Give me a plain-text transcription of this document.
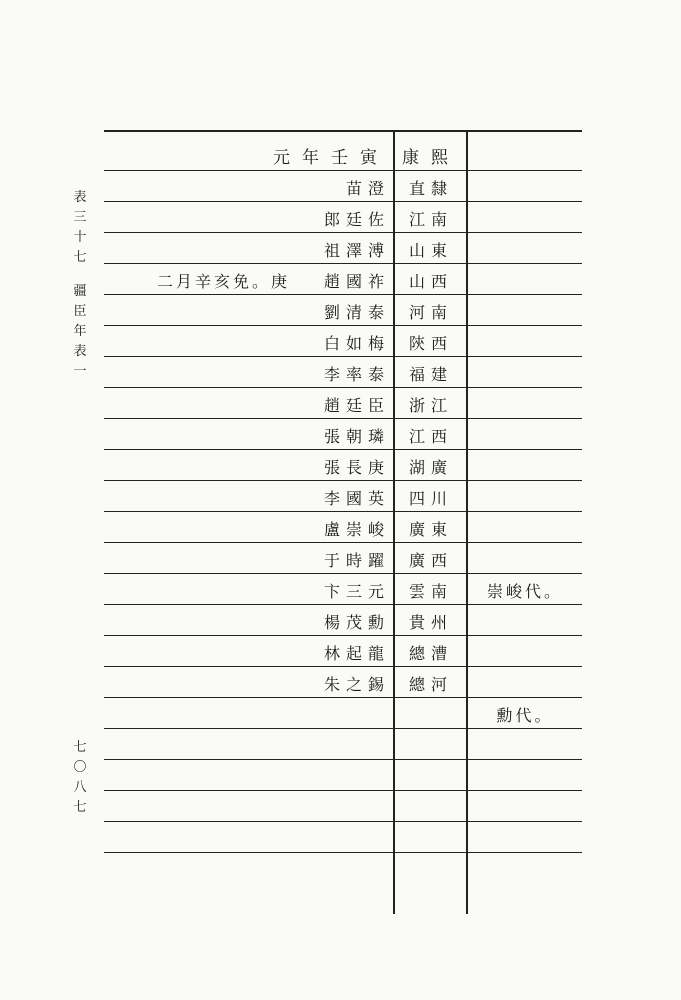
表
三
十
七
疆
臣
年
表
一
七
〇
八
七
元年壬寅 康熙
直隸
苗澄
江南
郎廷佐
山東
祖澤溥
山西
趙國祚
二月辛亥免。庚
河南
劉清泰
陝西
白如梅
福建
李率泰
浙江
趙廷臣
江西
張朝璘
湖廣
張長庚
四川
李國英
廣東
盧崇峻
廣西
于時躍
雲南
卞三元	崇峻代。
貴州
楊茂勳
總漕
林起龍
總河
朱之錫
勳代。
